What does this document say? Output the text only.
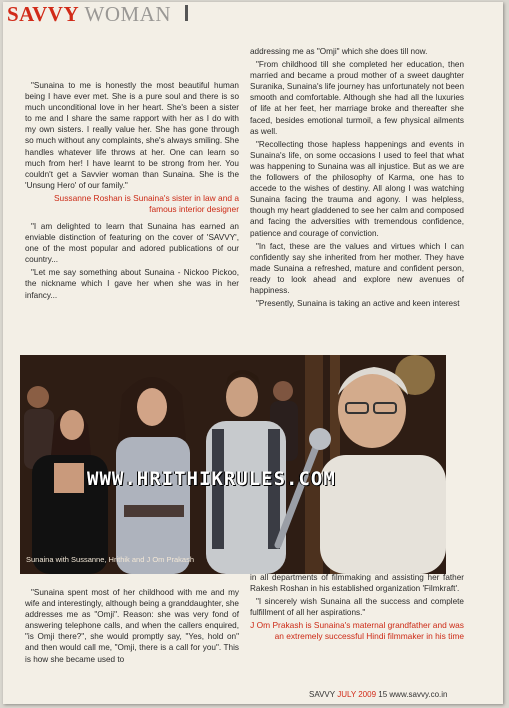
SAVVY WOMAN

"Sunaina to me is honestly the most beautiful human being I have ever met. She is a pure soul and there is so much unconditional love in her heart. She's been a sister to me and I share the same rapport with her as I do with my own sisters. I really value her. She has gone through so much without any complaints, she's always smiling. She handles whatever life throws at her. One can learn so much from her! I have learnt to be strong from her. You couldn't get a Savvier woman than Sunaina. She is the 'Unsung Hero' of our family."

Sussanne Roshan is Sunaina's sister in law and a famous interior designer

"I am delighted to learn that Sunaina has earned an enviable distinction of featuring on the cover of 'SAVVY', one of the most popular and adored publications of our country...

"Let me say something about Sunaina - Nickoo Pickoo, the nickname which I gave her when she was in her infancy...

addressing me as "Omji" which she does till now.

"From childhood till she completed her education, then married and became a proud mother of a sweet daughter Suranika, Sunaina's life journey has unfortunately not been smooth and comfortable. Although she had all the luxuries of life at her feet, her marriage broke and thereafter she faced, besides emotional turmoil, a few physical ailments as well.

"Recollecting those hapless happenings and events in Sunaina's life, on some occasions I used to feel that what was happening to Sunaina was all injustice. But as we are the followers of the philosophy of Karma, one has to accede to the wishes of destiny. All along I was watching Sunaina facing the trauma and agony. I was helpless, though my heart gladdened to see her calm and composed and facing the adversities with tremendous confidence, patience and courage of conviction.

"In fact, these are the values and virtues which I can confidently say she inherited from her mother. They have made Sunaina a refreshed, mature and confident person, ready to look ahead and explore new avenues of happiness.

"Presently, Sunaina is taking an active and keen interest

WWW.HRITHIKRULES.COM
Sunaina with Sussanne, Hrithik and J Om Prakash

"Sunaina spent most of her childhood with me and my wife and interestingly, although being a granddaughter, she addresses me as "Omji". Reason: she was very fond of answering telephone calls, and when the callers enquired, "is Omji there?", she would promptly say, "Yes, hold on" and then would call me, "Omji, there is a call for you". This is how she became used to

in all departments of filmmaking and assisting her father Rakesh Roshan in his established organization 'Filmkraft'.

"I sincerely wish Sunaina all the success and complete fulfillment of all her aspirations."

J Om Prakash is Sunaina's maternal grandfather and was an extremely successful Hindi filmmaker in his time
SAVVY JULY 2009 15 www.savvy.co.in
